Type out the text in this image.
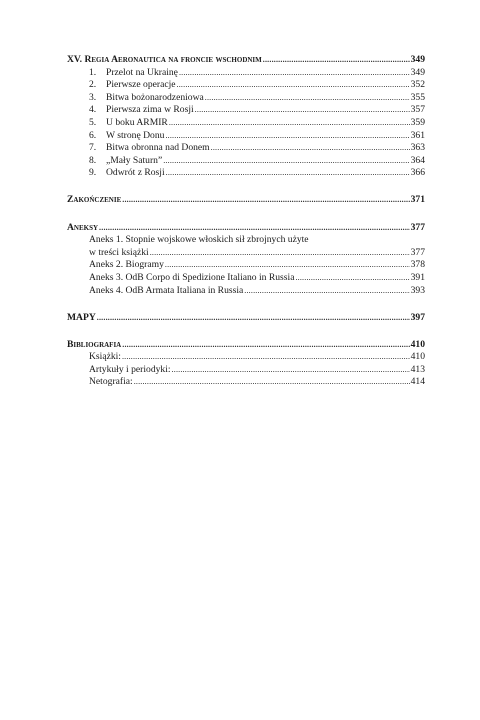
XV. Regia Aeronautica na froncie wschodnim .....	349
1. Przelot na Ukrainę .....	349
2. Pierwsze operacje .....	352
3. Bitwa bożonarodzeniowa .....	355
4. Pierwsza zima w Rosji .....	357
5. U boku ARMIR .....	359
6. W stronę Donu .....	361
7. Bitwa obronna nad Donem .....	363
8. „Mały Saturn” .....	364
9. Odwrót z Rosji .....	366
Zakończenie .....	371
Aneksy .....	377
Aneks 1. Stopnie wojskowe włoskich sił zbrojnych użyte
w treści książki .....	377
Aneks 2. Biogramy .....	378
Aneks 3. OdB Corpo di Spedizione Italiano in Russia .....	391
Aneks 4. OdB Armata Italiana in Russia .....	393
MAPY .....	397
Bibliografia .....	410
Książki: .....	410
Artykuły i periodyki: .....	413
Netografia: .....	414
